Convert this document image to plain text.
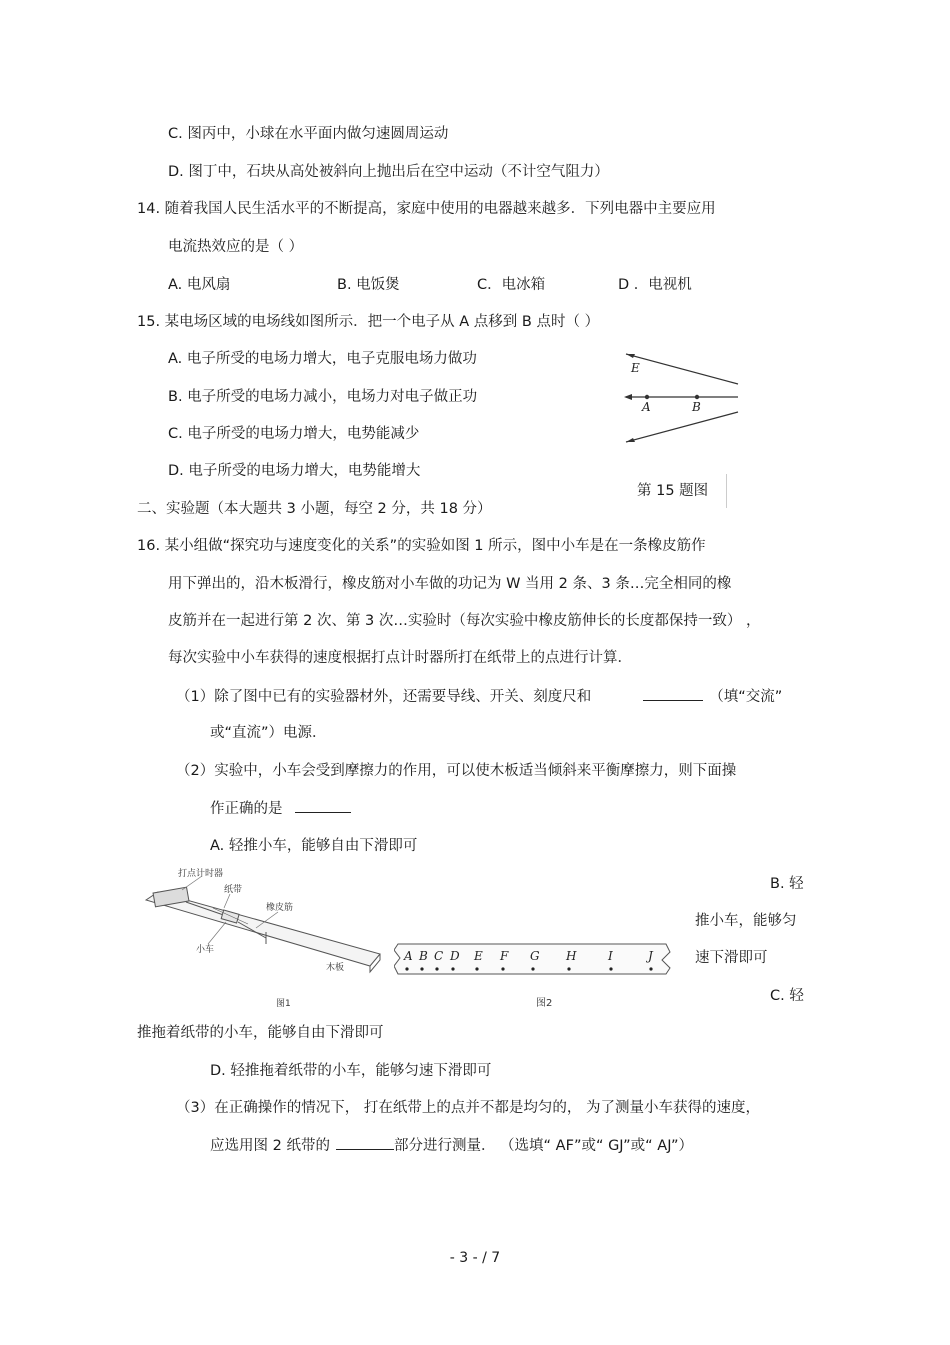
C. 图丙中，小球在水平面内做匀速圆周运动
D. 图丁中，石块从高处被斜向上抛出后在空中运动（不计空气阻力）
14. 随着我国人民生活水平的不断提高，家庭中使用的电器越来越多．下列电器中主要应用
电流热效应的是（ ）
A. 电风扇	B. 电饭煲	C．电冰箱	D ．电视机
15. 某电场区域的电场线如图所示．把一个电子从 A 点移到 B 点时（ ）
A. 电子所受的电场力增大，电子克服电场力做功
B. 电子所受的电场力减小，电场力对电子做正功
C. 电子所受的电场力增大，电势能减少
D. 电子所受的电场力增大，电势能增大
E
A	B
第 15 题图
二、实验题（本大题共 3 小题，每空 2 分，共 18 分）
16. 某小组做“探究功与速度变化的关系”的实验如图 1 所示，图中小车是在一条橡皮筋作
用下弹出的，沿木板滑行，橡皮筋对小车做的功记为 W 当用 2 条、3 条…完全相同的橡
皮筋并在一起进行第 2 次、第 3 次…实验时（每次实验中橡皮筋伸长的长度都保持一致） ，
每次实验中小车获得的速度根据打点计时器所打在纸带上的点进行计算．
（1）除了图中已有的实验器材外，还需要导线、开关、刻度尺和	（填“交流”
或“直流”）电源．
（2）实验中，小车会受到摩擦力的作用，可以使木板适当倾斜来平衡摩擦力，则下面操
作正确的是
A. 轻推小车，能够自由下滑即可
打点计时器
纸带
橡皮筋
小车
木板
图1
A B C D E F G H	I	J
图2
B. 轻
推小车，能够匀
速下滑即可
C. 轻
推拖着纸带的小车，能够自由下滑即可
D. 轻推拖着纸带的小车，能够匀速下滑即可
（3）在正确操作的情况下， 打在纸带上的点并不都是均匀的， 为了测量小车获得的速度，
应选用图 2 纸带的	部分进行测量． （选填“ AF”或“ GJ”或“ AJ”）
- 3 - / 7
